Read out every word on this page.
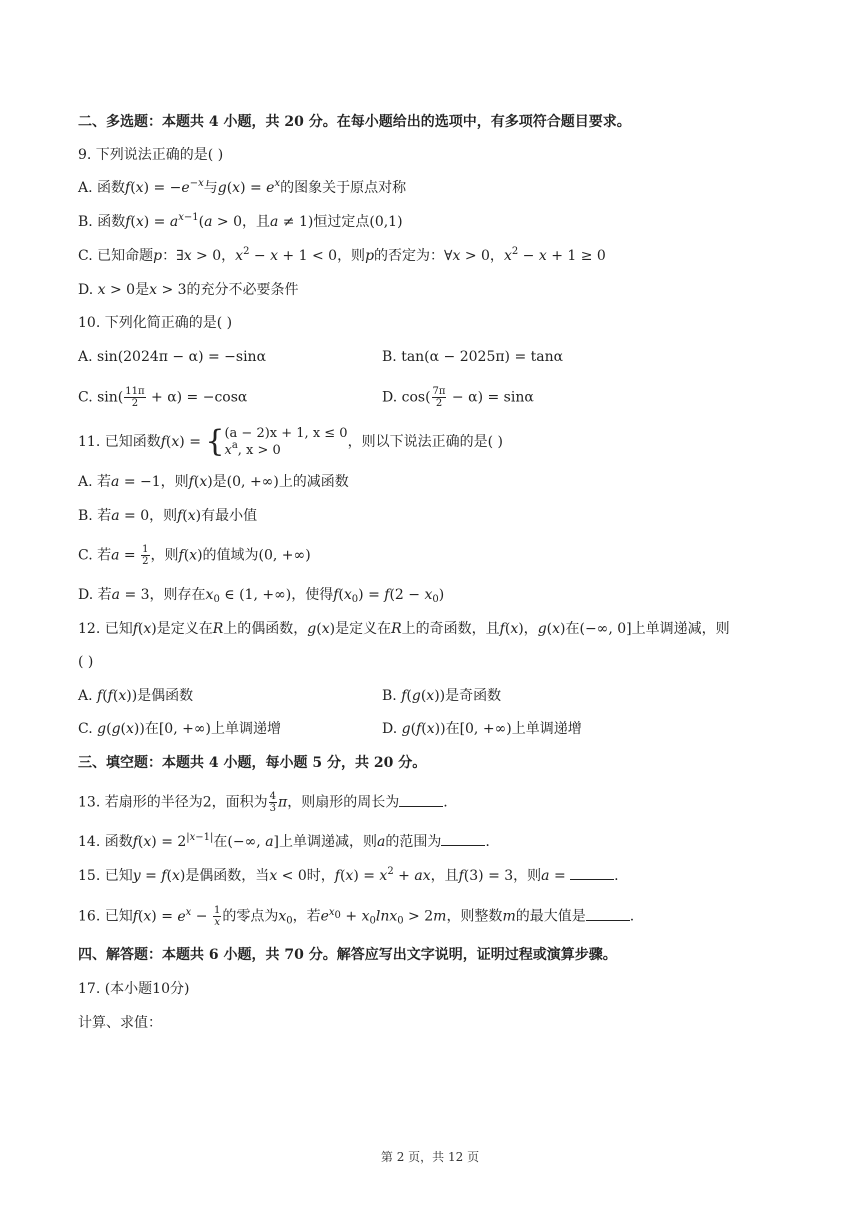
二、多选题：本题共 4 小题，共 20 分。在每小题给出的选项中，有多项符合题目要求。
9. 下列说法正确的是( )
A. 函数$f(x) = -e^{-x}$与$g(x) = e^x$的图象关于原点对称
B. 函数$f(x) = a^{x-1}(a > 0$，且a ≠ 1)恒过定点(0,1)
C. 已知命题p：∃x > 0，$x^2 - x + 1 < 0$，则p的否定为：∀x > 0，$x^2 - x + 1 \ge 0$
D. x > 0是x > 3的充分不必要条件
10. 下列化简正确的是( )
A. sin(2024π − α) = −sinα	B. tan(α − 2025π) = tanα
C. $\sin( \frac{11\pi}{2} + \alpha) = -\cos\alpha$	D. $\cos( \frac{7\pi}{2} - \alpha) = \sin\alpha$
11. 已知函数f(x) = { (a − 2)x + 1, x ≤ 0
$x^a$, x > 0
，则以下说法正确的是( )
A. 若a = −1，则f(x)是(0, +∞)上的减函数
B. 若a = 0，则f(x)有最小值
C. 若$a = \frac{1}{2}$ ，则f(x)的值域为(0, +∞)
D. 若a = 3，则存在$x_0$ ∈ (1, +∞)，使得$f(x_0) = f(2 - x_0)$
12. 已知f(x)是定义在R上的偶函数，g(x)是定义在R上的奇函数，且f(x)，g(x)在(−∞, 0]上单调递减，则
( )
A. f(f(x))是偶函数	B. f(g(x))是奇函数
C. g(g(x))在[0, +∞)上单调递增	D. g(f(x))在[0, +∞)上单调递增
三、填空题：本题共 4 小题，每小题 5 分，共 20 分。
13. 若扇形的半径为2，面积为 $\frac{4}{3}$ π，则扇形的周长为	.
14. 函数$f(x) = 2^{|x-1|}$在(−∞, a]上单调递减，则a的范围为	.
15. 已知y = f(x)是偶函数，当x < 0时，$f(x) = x^2$ + ax，且f(3) = 3，则a =	.
16. 已知$f(x) = e^x - \frac{1}{x}$ 的零点为$x_0$，若$e^{x_0} + x_0\ln x_0 > 2m$，则整数m的最大值是	.
四、解答题：本题共 6 小题，共 70 分。解答应写出文字说明，证明过程或演算步骤。
17. (本小题10分)
计算、求值：
第 2 页，共 12 页
